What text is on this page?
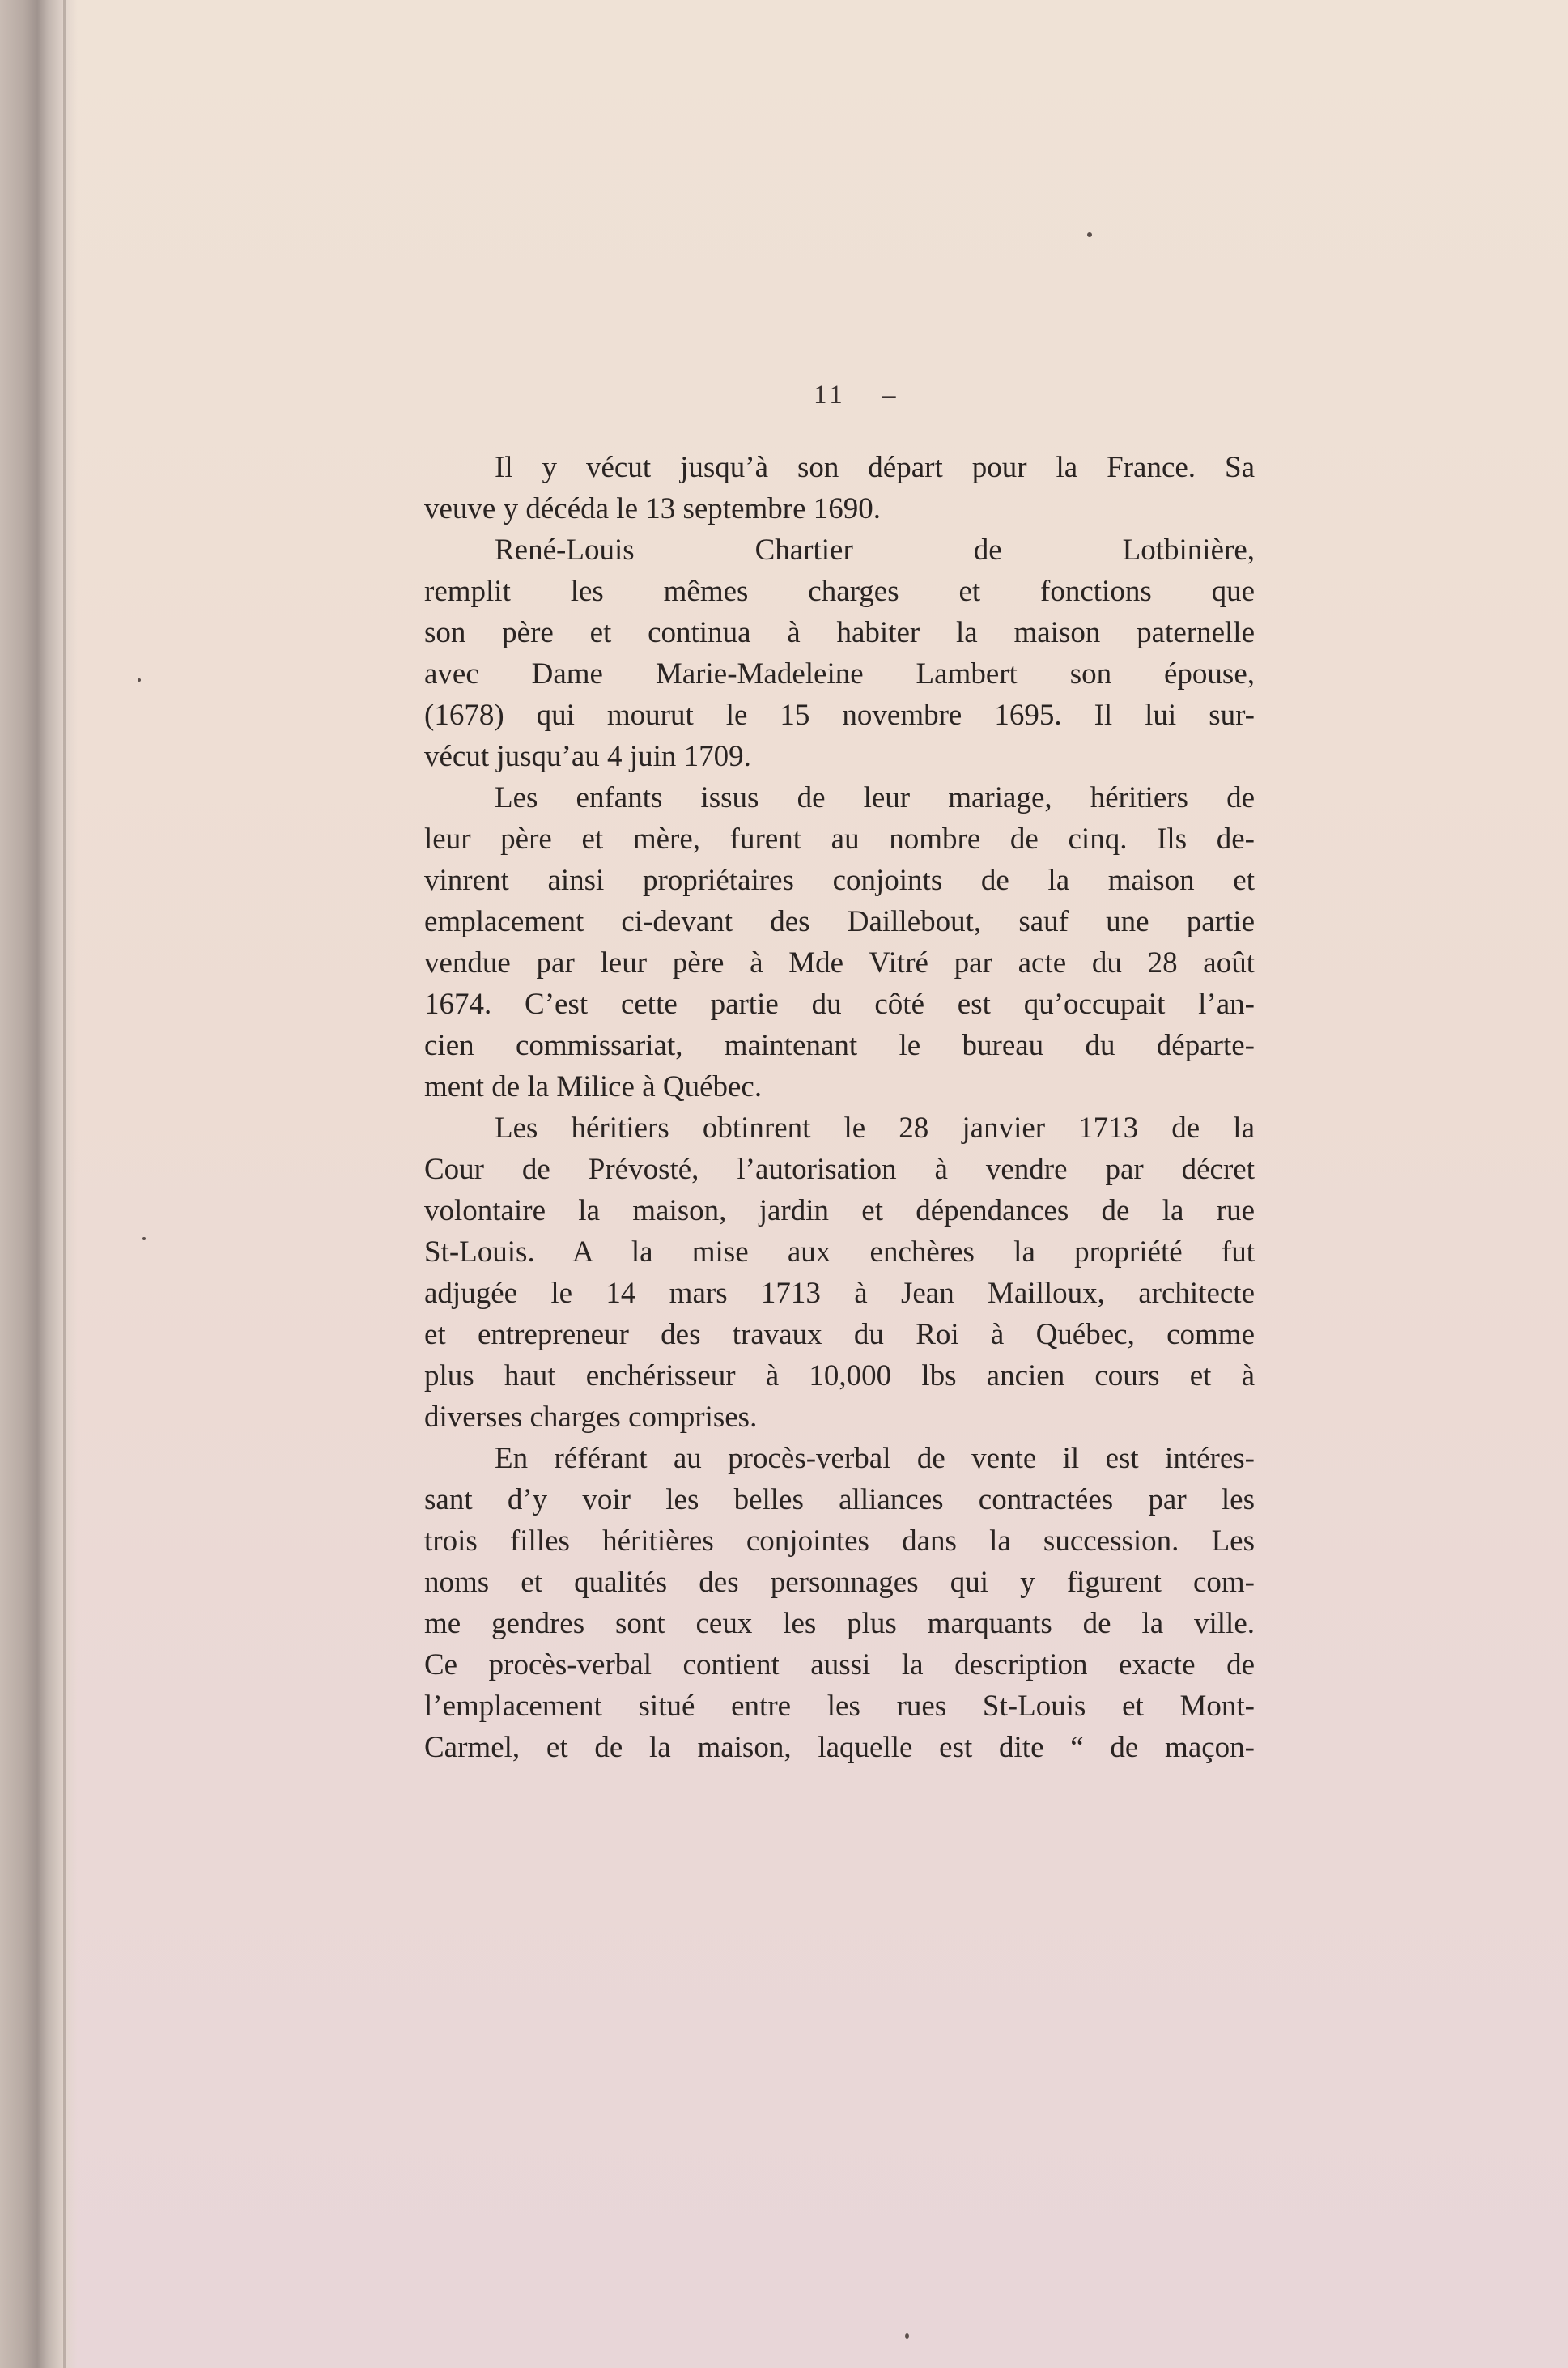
11 –
Il y vécut jusqu’à son départ pour la France. Sa
veuve y décéda le 13 septembre 1690.
René-Louis Chartier de Lotbinière,
remplit les mêmes charges et fonctions que
son père et continua à habiter la maison paternelle
avec Dame Marie-Madeleine Lambert son épouse,
(1678) qui mourut le 15 novembre 1695. Il lui sur-
vécut jusqu’au 4 juin 1709.
Les enfants issus de leur mariage, héritiers de
leur père et mère, furent au nombre de cinq. Ils de-
vinrent ainsi propriétaires conjoints de la maison et
emplacement ci-devant des Daillebout, sauf une partie
vendue par leur père à Mde Vitré par acte du 28 août
1674. C’est cette partie du côté est qu’occupait l’an-
cien commissariat, maintenant le bureau du départe-
ment de la Milice à Québec.
Les héritiers obtinrent le 28 janvier 1713 de la
Cour de Prévosté, l’autorisation à vendre par décret
volontaire la maison, jardin et dépendances de la rue
St-Louis. A la mise aux enchères la propriété fut
adjugée le 14 mars 1713 à Jean Mailloux, architecte
et entrepreneur des travaux du Roi à Québec, comme
plus haut enchérisseur à 10,000 lbs ancien cours et à
diverses charges comprises.
En référant au procès-verbal de vente il est intéres-
sant d’y voir les belles alliances contractées par les
trois filles héritières conjointes dans la succession. Les
noms et qualités des personnages qui y figurent com-
me gendres sont ceux les plus marquants de la ville.
Ce procès-verbal contient aussi la description exacte de
l’emplacement situé entre les rues St-Louis et Mont-
Carmel, et de la maison, laquelle est dite “ de maçon-
